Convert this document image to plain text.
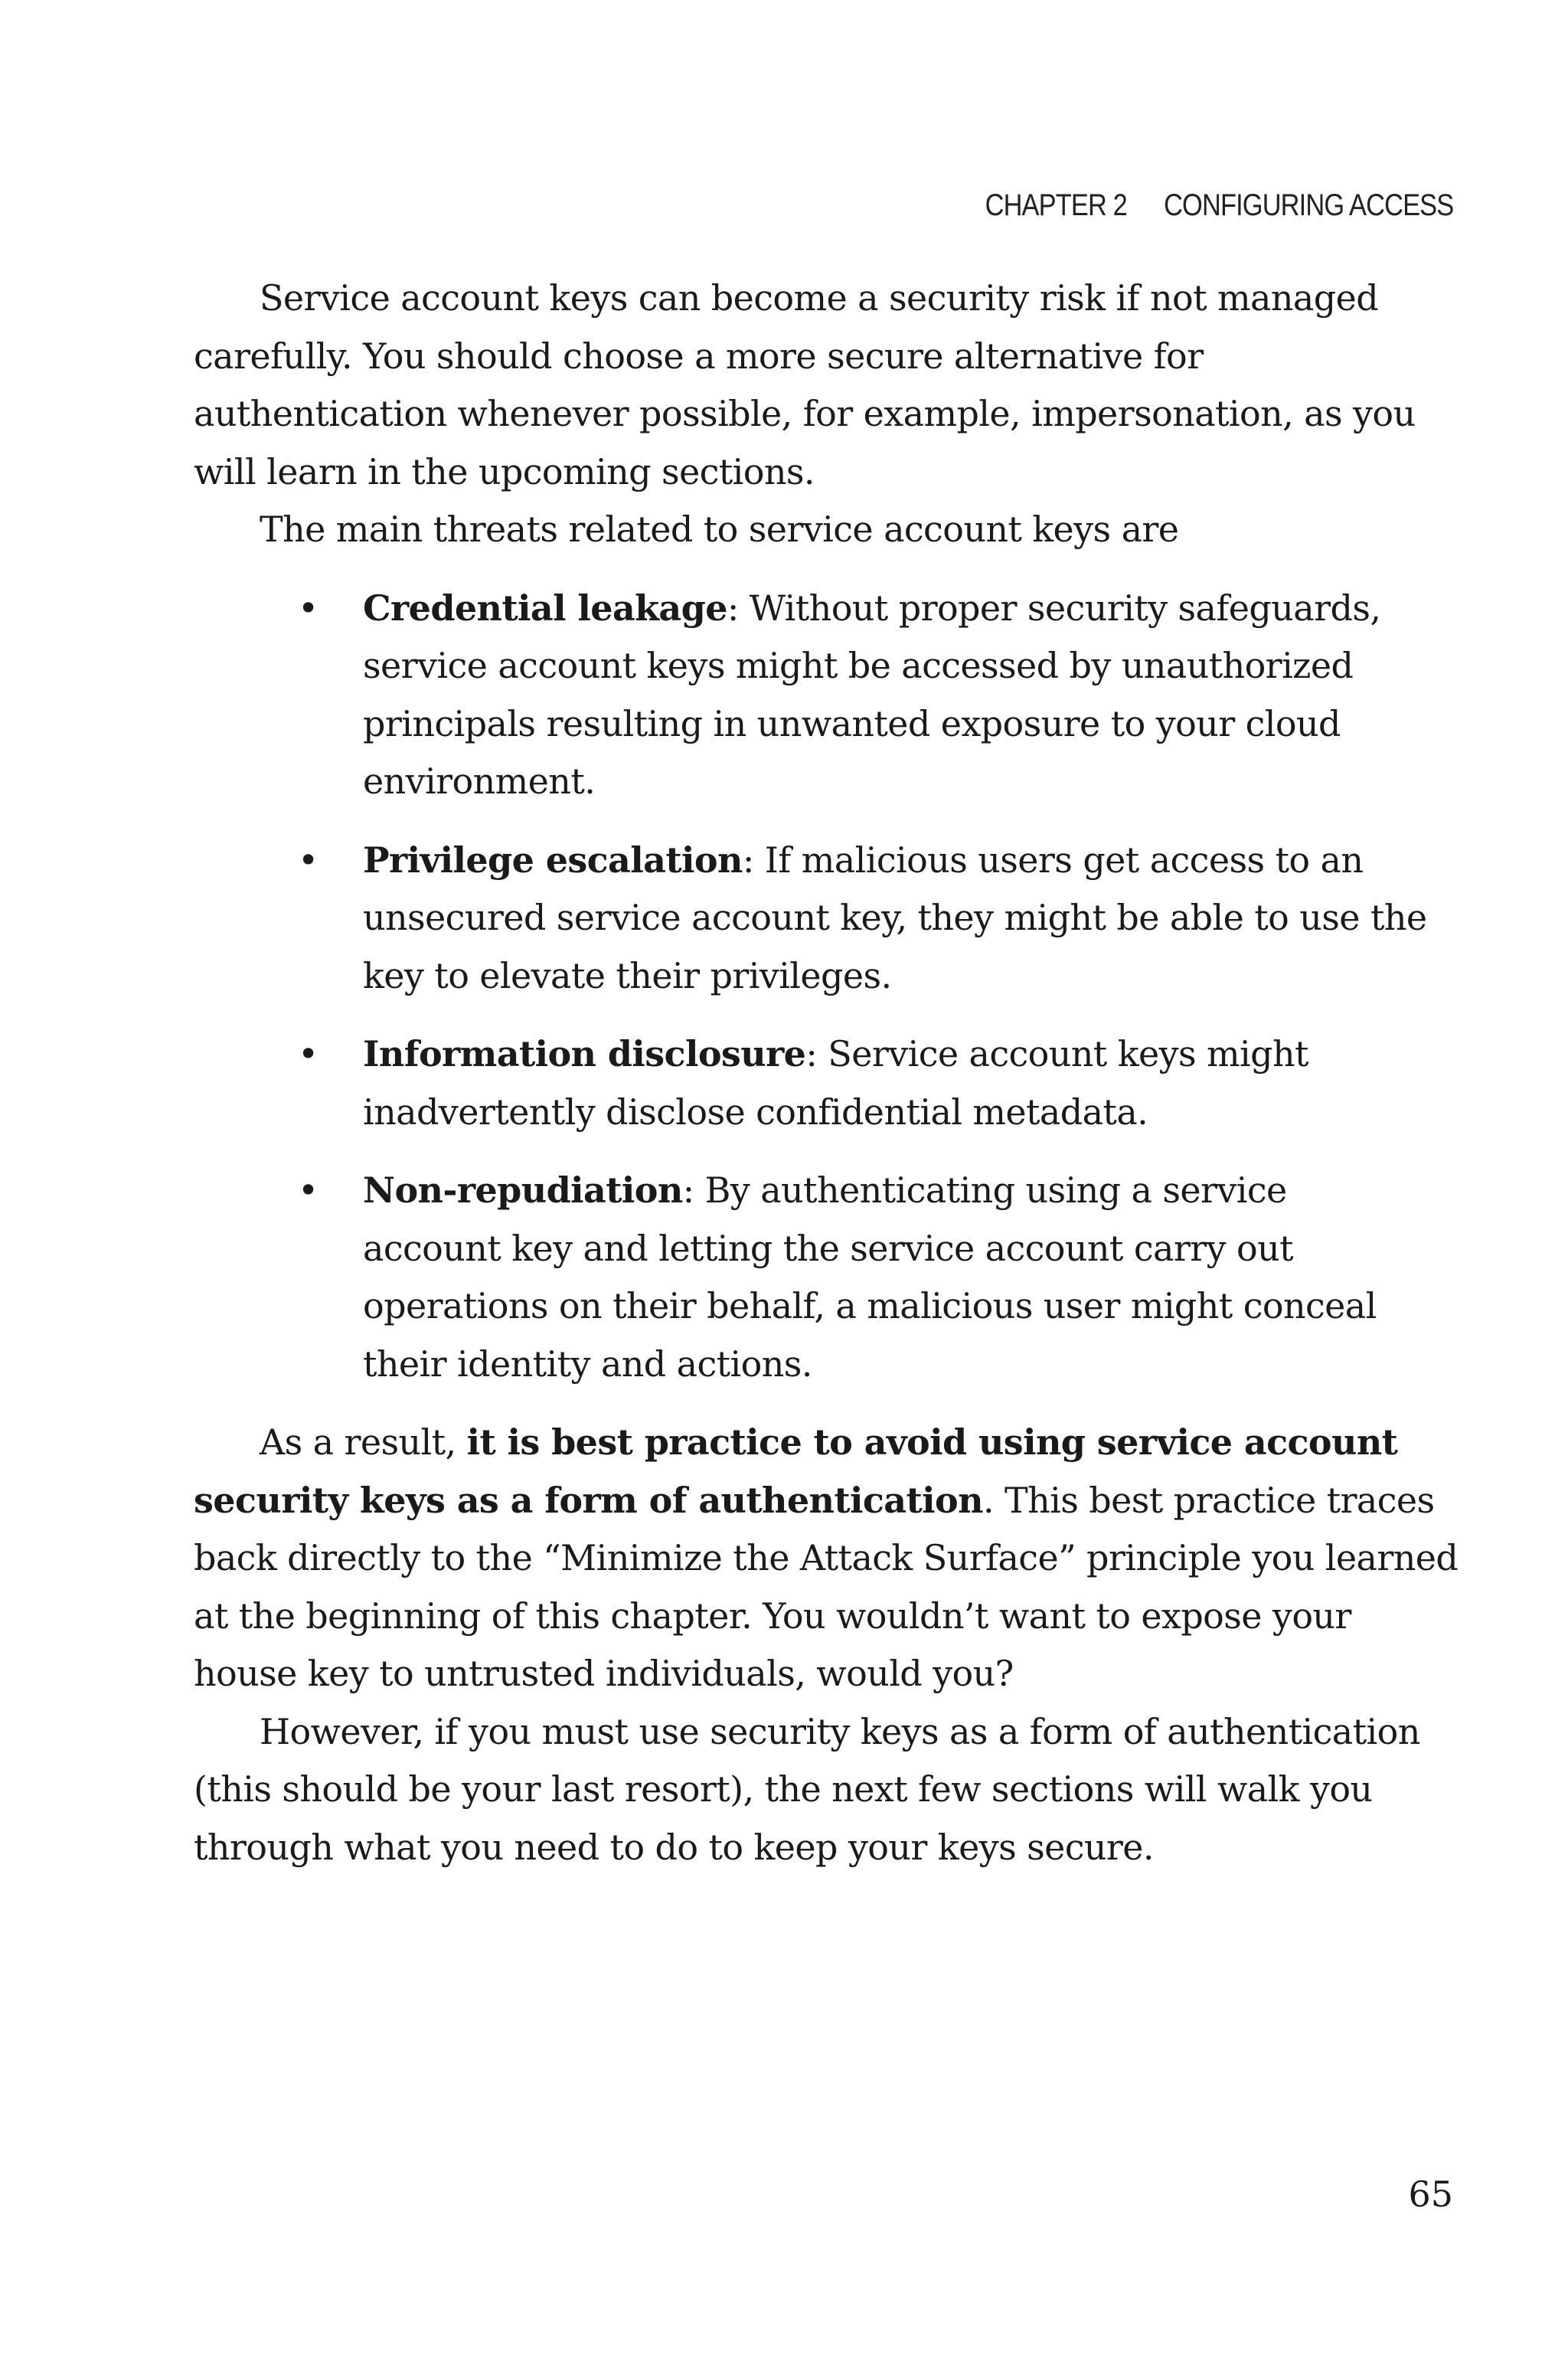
CHAPTER 2 CONFIGURING ACCESS

Service account keys can become a security risk if not managed carefully. You should choose a more secure alternative for authentication whenever possible, for example, impersonation, as you will learn in the upcoming sections.

The main threats related to service account keys are

• Credential leakage: Without proper security safeguards, service account keys might be accessed by unauthorized principals resulting in unwanted exposure to your cloud environment.
• Privilege escalation: If malicious users get access to an unsecured service account key, they might be able to use the key to elevate their privileges.
• Information disclosure: Service account keys might inadvertently disclose confidential metadata.
• Non-repudiation: By authenticating using a service account key and letting the service account carry out operations on their behalf, a malicious user might conceal their identity and actions.

As a result, it is best practice to avoid using service account security keys as a form of authentication. This best practice traces back directly to the “Minimize the Attack Surface” principle you learned at the beginning of this chapter. You wouldn’t want to expose your house key to untrusted individuals, would you?

However, if you must use security keys as a form of authentication (this should be your last resort), the next few sections will walk you through what you need to do to keep your keys secure.

65
